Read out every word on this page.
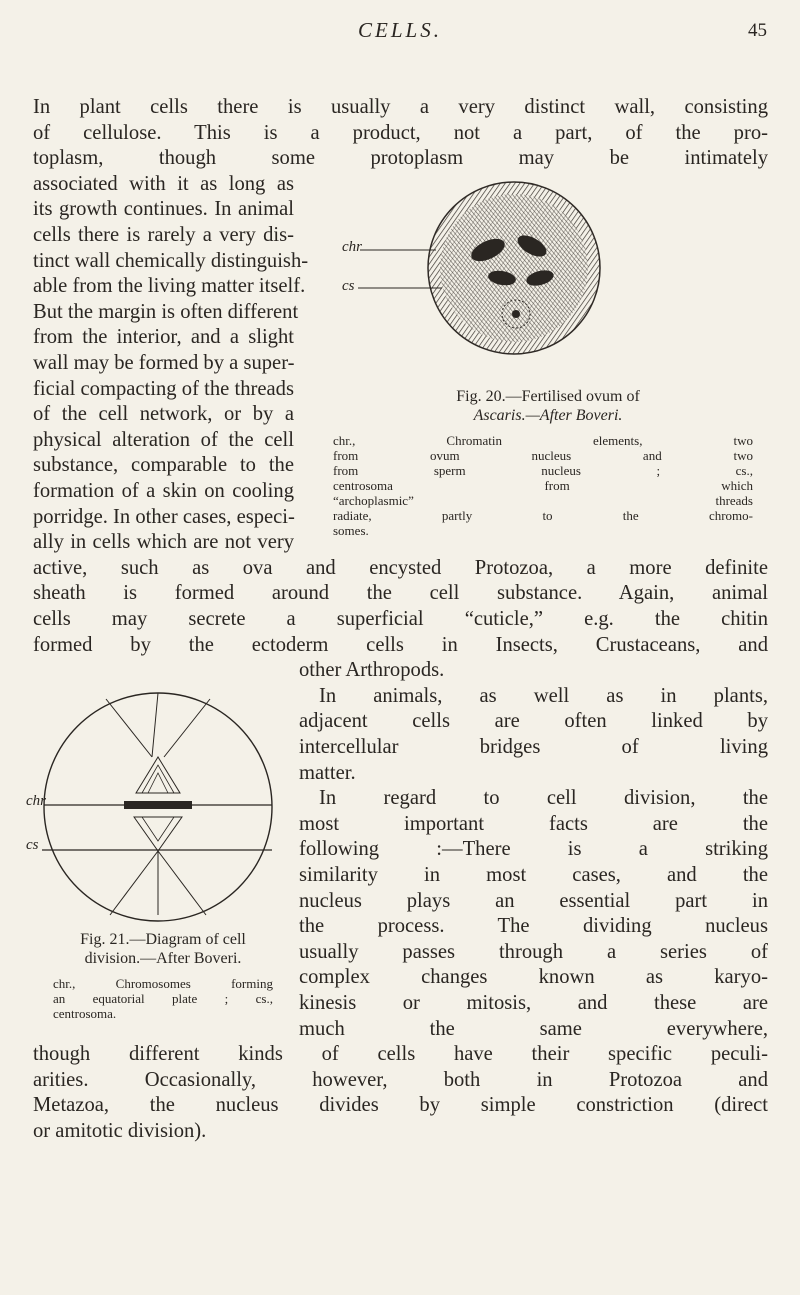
CELLS.	45
In plant cells there is usually a very distinct wall, consisting
of cellulose. This is a product, not a part, of the pro-
toplasm, though some protoplasm may be intimately
associated with it as long as
its growth continues. In animal
cells there is rarely a very dis-
tinct wall chemically distinguish-
able from the living matter itself.
But the margin is often different
from the interior, and a slight
wall may be formed by a super-
ficial compacting of the threads
of the cell network, or by a
physical alteration of the cell
substance, comparable to the
formation of a skin on cooling
porridge. In other cases, especi-
ally in cells which are not very
active, such as ova and encysted Protozoa, a more definite
sheath is formed around the cell substance. Again, animal
cells may secrete a superficial “cuticle,” e.g. the chitin
formed by the ectoderm cells in Insects, Crustaceans, and
other Arthropods.
In animals, as well as in plants,
adjacent cells are often linked by
intercellular bridges of living
matter.
In regard to cell division, the
most important facts are the
following :—There is a striking
similarity in most cases, and the
nucleus plays an essential part in
the process. The dividing nucleus
usually passes through a series of
complex changes known as karyo-
kinesis or mitosis, and these are
much the same everywhere,
though different kinds of cells have their specific peculi-
arities. Occasionally, however, both in Protozoa and
Metazoa, the nucleus divides by simple constriction (direct
or amitotic division).
chr
cs
Fig. 20.—Fertilised ovum of
Ascaris.—After Boveri.
chr., Chromatin elements, two
from ovum nucleus and two
from sperm nucleus ; cs.,
centrosoma from which
“archoplasmic” threads
radiate, partly to the chromo-
somes.
chr
cs
Fig. 21.—Diagram of cell
division.—After Boveri.
chr., Chromosomes forming
an equatorial plate ; cs.,
centrosoma.
